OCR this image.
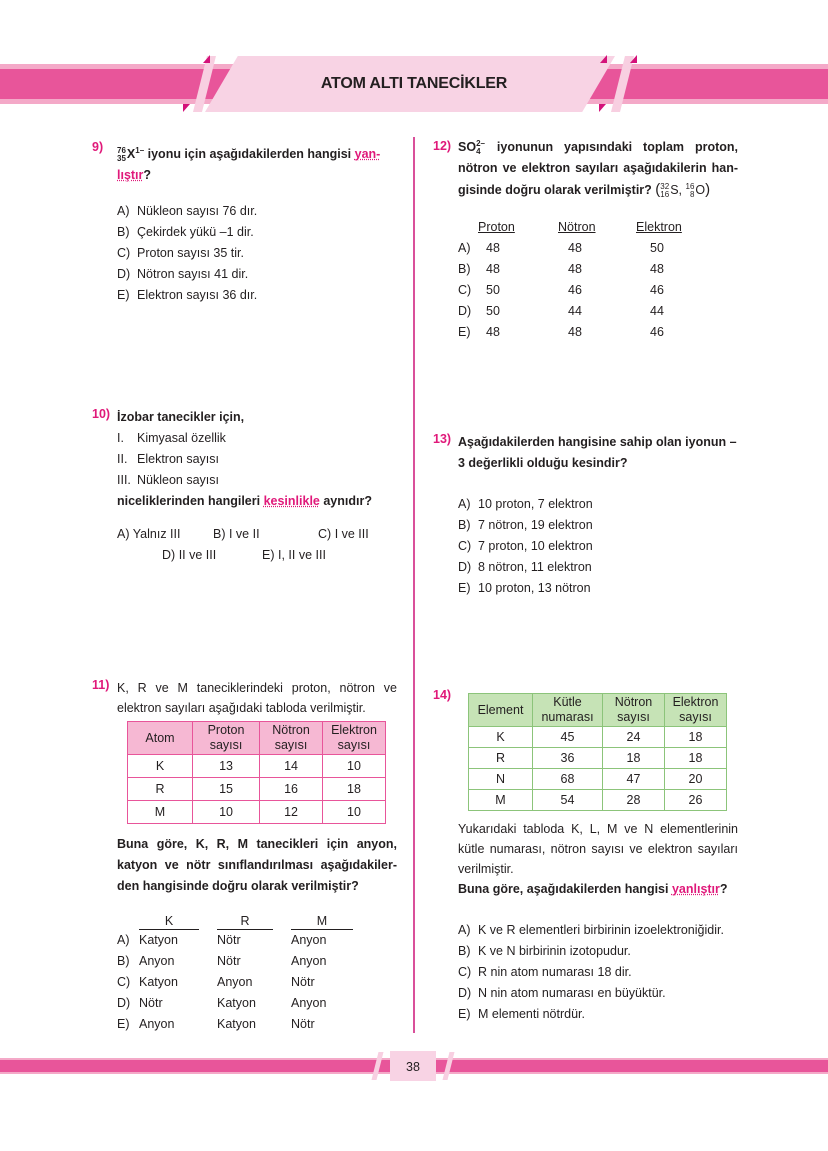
ATOM ALTI TANECİKLER
9) 76
35 $X^{1-}$ iyonu için aşağıdakilerden hangisi yan-
lıştır?
A) Nükleon sayısı 76 dır.
B) Çekirdek yükü –1 dir.
C) Proton sayısı 35 tir.
D) Nötron sayısı 41 dir.
E) Elektron sayısı 36 dır.
10) İzobar tanecikler için,
I. Kimyasal özellik
II. Elektron sayısı
III. Nükleon sayısı
niceliklerinden hangileri kesinlikle aynıdır?
A) Yalnız III	B) I ve II	C) I ve III
D) II ve III	E) I, II ve III
11) K, R ve M taneciklerindeki proton, nötron ve elektron sayıları aşağıdaki tabloda verilmiştir.
Atom	Proton sayısı	Nötron sayısı	Elektron sayısı
K	13	14	10
R	15	16	18
M	10	12	10
Buna göre, K, R, M tanecikleri için anyon, katyon ve nötr sınıflandırılması aşağıdakiler-den hangisinde doğru olarak verilmiştir?
K	R	M
A) Katyon	Nötr	Anyon
B) Anyon	Nötr	Anyon
C) Katyon	Anyon	Nötr
D) Nötr	Katyon	Anyon
E) Anyon	Katyon	Nötr
12) SO 2–
4 iyonunun yapısındaki toplam proton, nötron ve elektron sayıları aşağıdakilerin han-gisinde doğru olarak verilmiştir? ( 32
16 S, 16
8 O)
Proton	Nötron	Elektron
A)	48	48	50
B)	48	48	48
C)	50	46	46
D)	50	44	44
E)	48	48	46
13) Aşağıdakilerden hangisine sahip olan iyonun –3 değerlikli olduğu kesindir?
A) 10 proton, 7 elektron
B) 7 nötron, 19 elektron
C) 7 proton, 10 elektron
D) 8 nötron, 11 elektron
E) 10 proton, 13 nötron
14)
Element	Kütle numarası	Nötron sayısı	Elektron sayısı
K	45	24	18
R	36	18	18
N	68	47	20
M	54	28	26
Yukarıdaki tabloda K, L, M ve N elementlerinin kütle numarası, nötron sayısı ve elektron sayıları verilmiştir.
Buna göre, aşağıdakilerden hangisi yanlıştır?
A) K ve R elementleri birbirinin izoelektroniğidir.
B) K ve N birbirinin izotopudur.
C) R nin atom numarası 18 dir.
D) N nin atom numarası en büyüktür.
E) M elementi nötrdür.
38
